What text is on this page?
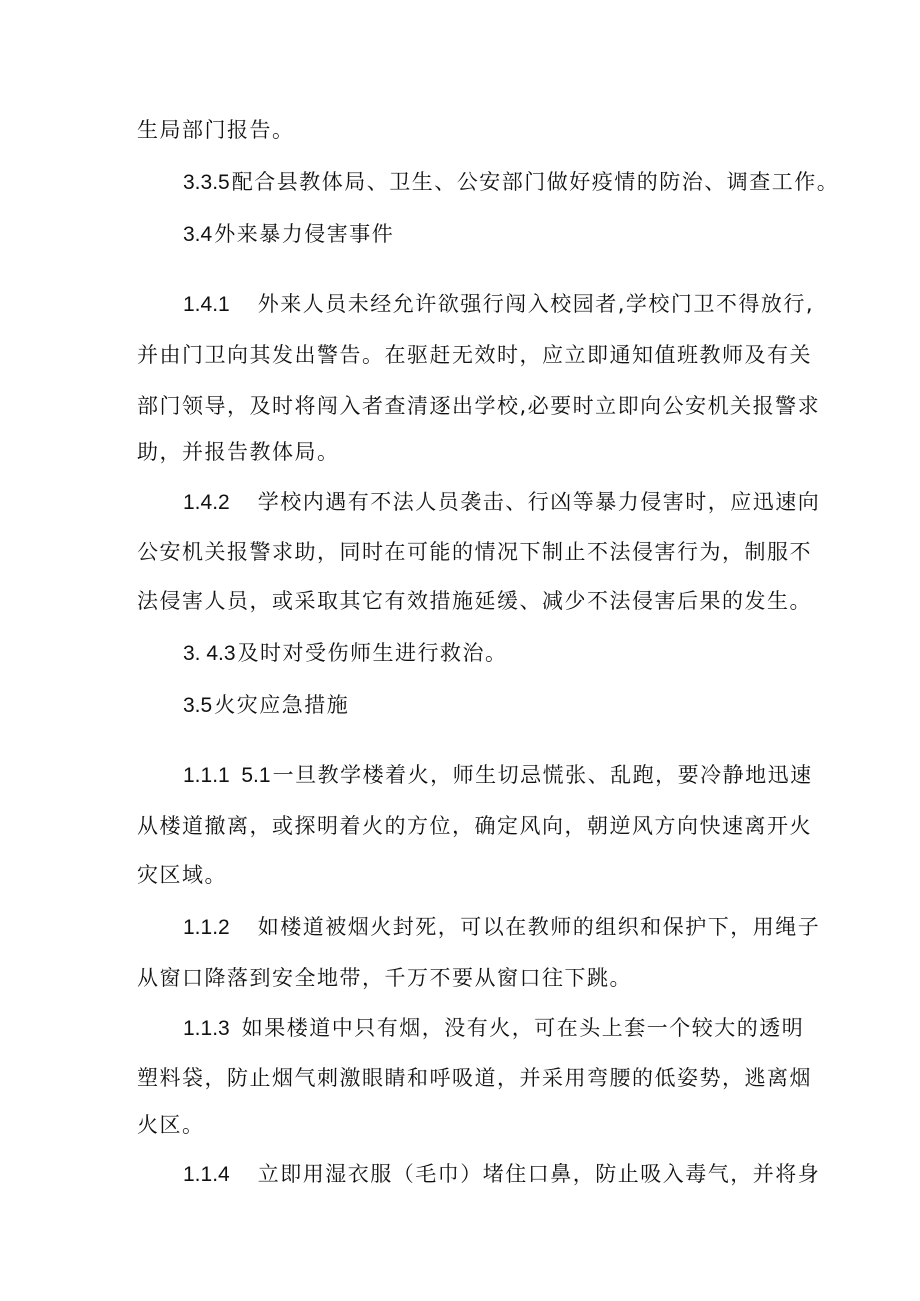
生局部门报告。
3.3.5配合县教体局、卫生、公安部门做好疫情的防治、调查工作。
3.4外来暴力侵害事件
1.4.1 外来人员未经允许欲强行闯入校园者,学校门卫不得放行,
并由门卫向其发出警告。在驱赶无效时，应立即通知值班教师及有关
部门领导，及时将闯入者查清逐出学校,必要时立即向公安机关报警求
助，并报告教体局。
1.4.2 学校内遇有不法人员袭击、行凶等暴力侵害时，应迅速向
公安机关报警求助，同时在可能的情况下制止不法侵害行为，制服不
法侵害人员，或采取其它有效措施延缓、减少不法侵害后果的发生。
3. 4.3及时对受伤师生进行救治。
3.5火灾应急措施
1.1.1  5.1一旦教学楼着火，师生切忌慌张、乱跑，要冷静地迅速
从楼道撤离，或探明着火的方位，确定风向，朝逆风方向快速离开火
灾区域。
1.1.2 如楼道被烟火封死，可以在教师的组织和保护下，用绳子
从窗口降落到安全地带，千万不要从窗口往下跳。
1.1.3 如果楼道中只有烟，没有火，可在头上套一个较大的透明
塑料袋，防止烟气刺激眼睛和呼吸道，并采用弯腰的低姿势，逃离烟
火区。
1.1.4 立即用湿衣服（毛巾）堵住口鼻，防止吸入毒气，并将身
